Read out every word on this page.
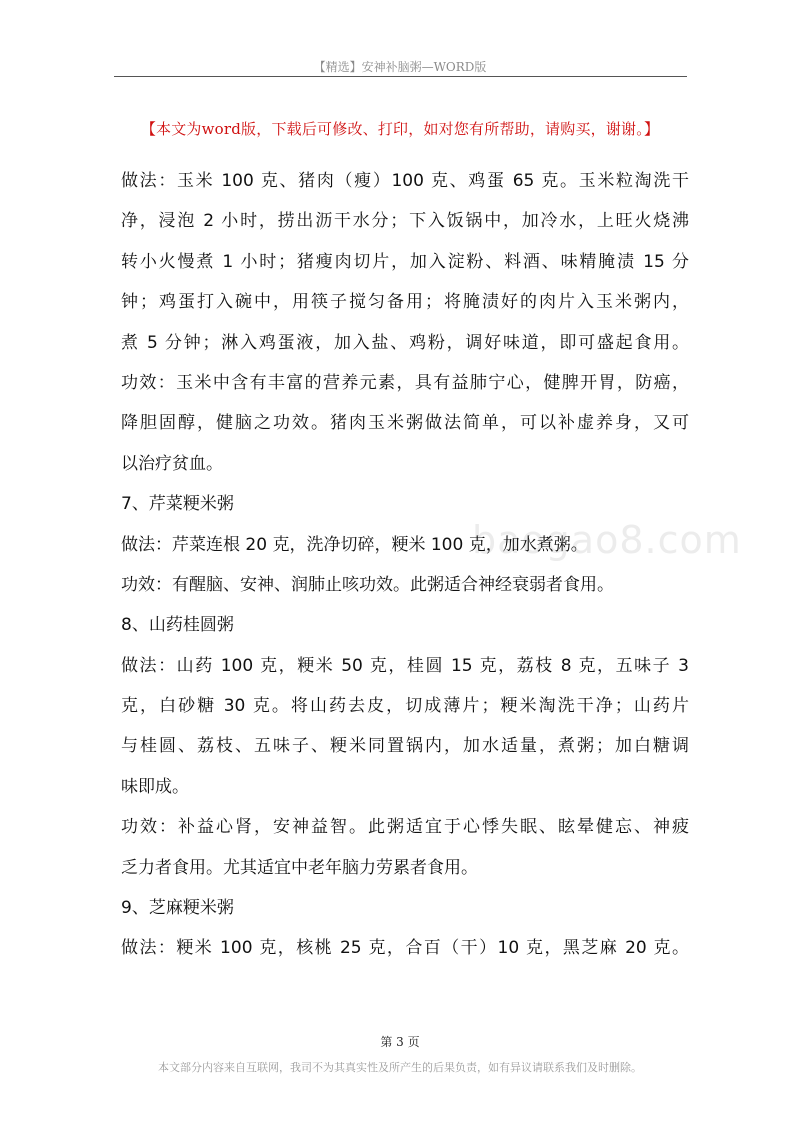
【精选】安神补脑粥—WORD版
【本文为word版，下载后可修改、打印，如对您有所帮助，请购买，谢谢。】
baogao8.com
做法：玉米 100 克、猪肉（瘦）100 克、鸡蛋 65 克。玉米粒淘洗干
净，浸泡 2 小时，捞出沥干水分；下入饭锅中，加冷水，上旺火烧沸
转小火慢煮 1 小时；猪瘦肉切片，加入淀粉、料酒、味精腌渍 15 分
钟；鸡蛋打入碗中，用筷子搅匀备用；将腌渍好的肉片入玉米粥内，
煮 5 分钟；淋入鸡蛋液，加入盐、鸡粉，调好味道，即可盛起食用。
功效：玉米中含有丰富的营养元素，具有益肺宁心，健脾开胃，防癌，
降胆固醇，健脑之功效。猪肉玉米粥做法简单，可以补虚养身，又可
以治疗贫血。
7、芹菜粳米粥
做法：芹菜连根 20 克，洗净切碎，粳米 100 克，加水煮粥。
功效：有醒脑、安神、润肺止咳功效。此粥适合神经衰弱者食用。
8、山药桂圆粥
做法：山药 100 克，粳米 50 克，桂圆 15 克，荔枝 8 克，五味子 3
克，白砂糖 30 克。将山药去皮，切成薄片；粳米淘洗干净；山药片
与桂圆、荔枝、五味子、粳米同置锅内，加水适量，煮粥；加白糖调
味即成。
功效：补益心肾，安神益智。此粥适宜于心悸失眠、眩晕健忘、神疲
乏力者食用。尤其适宜中老年脑力劳累者食用。
9、芝麻粳米粥
做法：粳米 100 克，核桃 25 克，合百（干）10 克，黑芝麻 20 克。
第 3 页
本文部分内容来自互联网，我司不为其真实性及所产生的后果负责，如有异议请联系我们及时删除。
